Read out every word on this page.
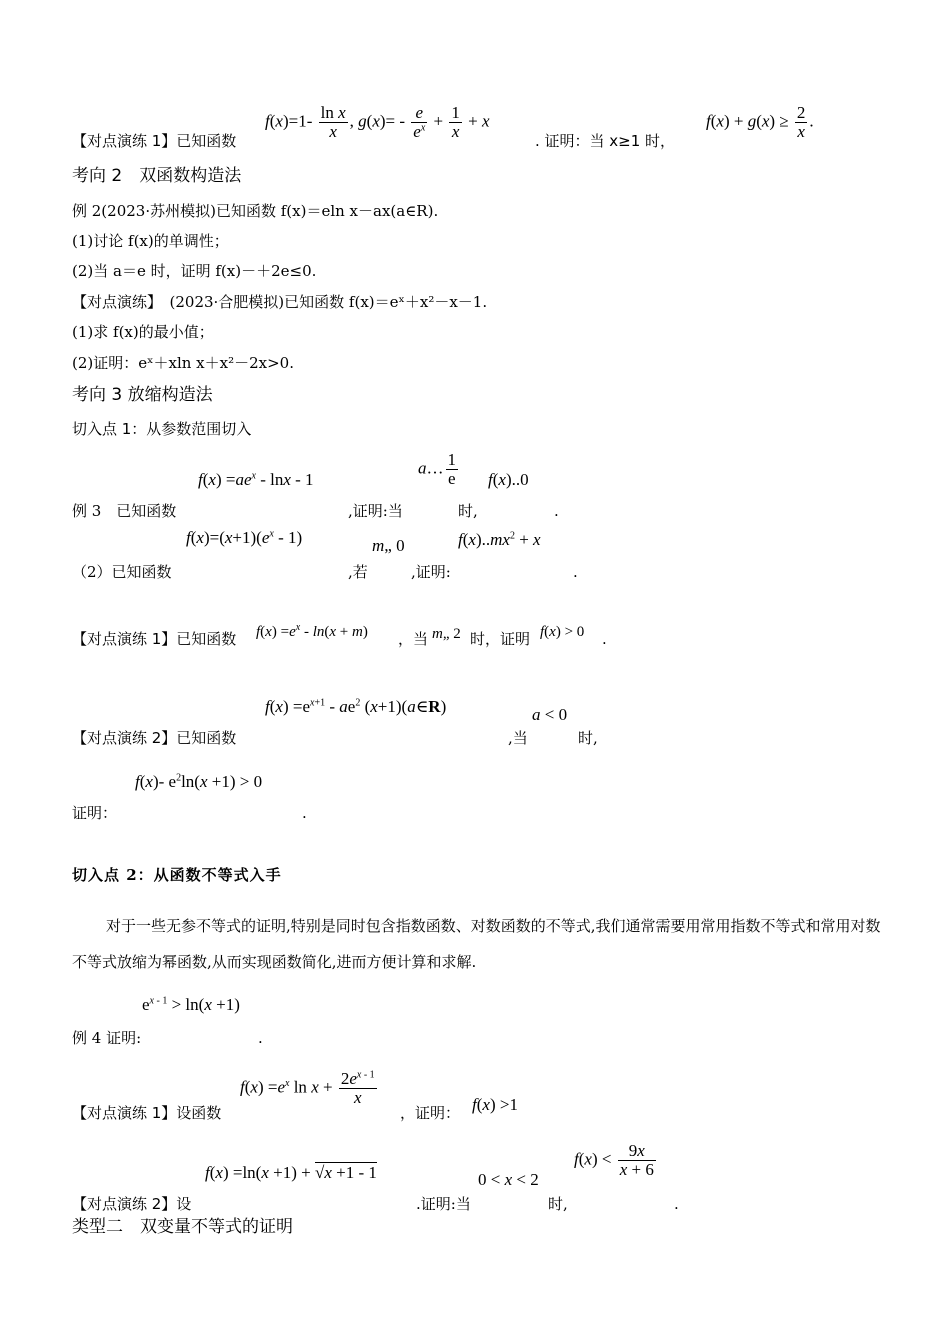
【对点演练 1】已知函数
$f(x)=1- \frac{\text{ln x}}{x}$ , $g(x)= - \frac{e}{e^x} + \frac{1}{x} + x$
. 证明：当 x≥1 时，
$f(x) + g(x) \ge \frac{2}{x}$ .
考向 2　双函数构造法
例 2(2023·苏州模拟)已知函数 f(x)＝eln x－ax(a∈R).
(1)讨论 f(x)的单调性；
(2)当 a＝e 时，证明 f(x)－＋2e≤0.
【对点演练】　(2023·合肥模拟)已知函数 f(x)＝eˣ＋x²－x－1.
(1)求 f(x)的最小值；
(2)证明：eˣ＋xln x＋x²－2x>0.
考向 3 放缩构造法
切入点 1：从参数范围切入
$f(x) =ae^x - \ln x - 1$
a… $\frac{1}{e} f(x)..0$
例 3　已知函数	,证明:当	时,	.
$f(x)=(x+1)(e^x - 1)$	m„ 0	$f(x)..mx^2 + x$
（2）已知函数	,若	,证明:	.
【对点演练 1】已知函数 $f(x) =e^x - \ln(x + m)$ ，当 m„ 2 时，证明 f(x) > 0 .
$f(x) =e^{x+1} - ae^2$ (x+1)(a∈R)	a < 0
【对点演练 2】已知函数	,当	时,
f(x)- $e^2\ln(x +1) > 0$
证明：	.
切入点 2：从函数不等式入手
对于一些无参不等式的证明,特别是同时包含指数函数、对数函数的不等式,我们通常需要用常用指数不等式和常用对数不等式放缩为幂函数,从而实现函数简化,进而方便计算和求解.
$e^{x - 1} > \ln(x +1)$
例 4 证明:	.
$f(x) =e^x$ $\ln x + \frac{2e^{x - 1}}{x}$
【对点演练 1】设函数	，证明： f(x) >1
f(x) =ln(x +1) + √x +1 - 1	0 < x < 2
$f(x) < \frac{9x}{x + 6}$
【对点演练 2】设	.证明:当	时,	.
类型二　双变量不等式的证明
